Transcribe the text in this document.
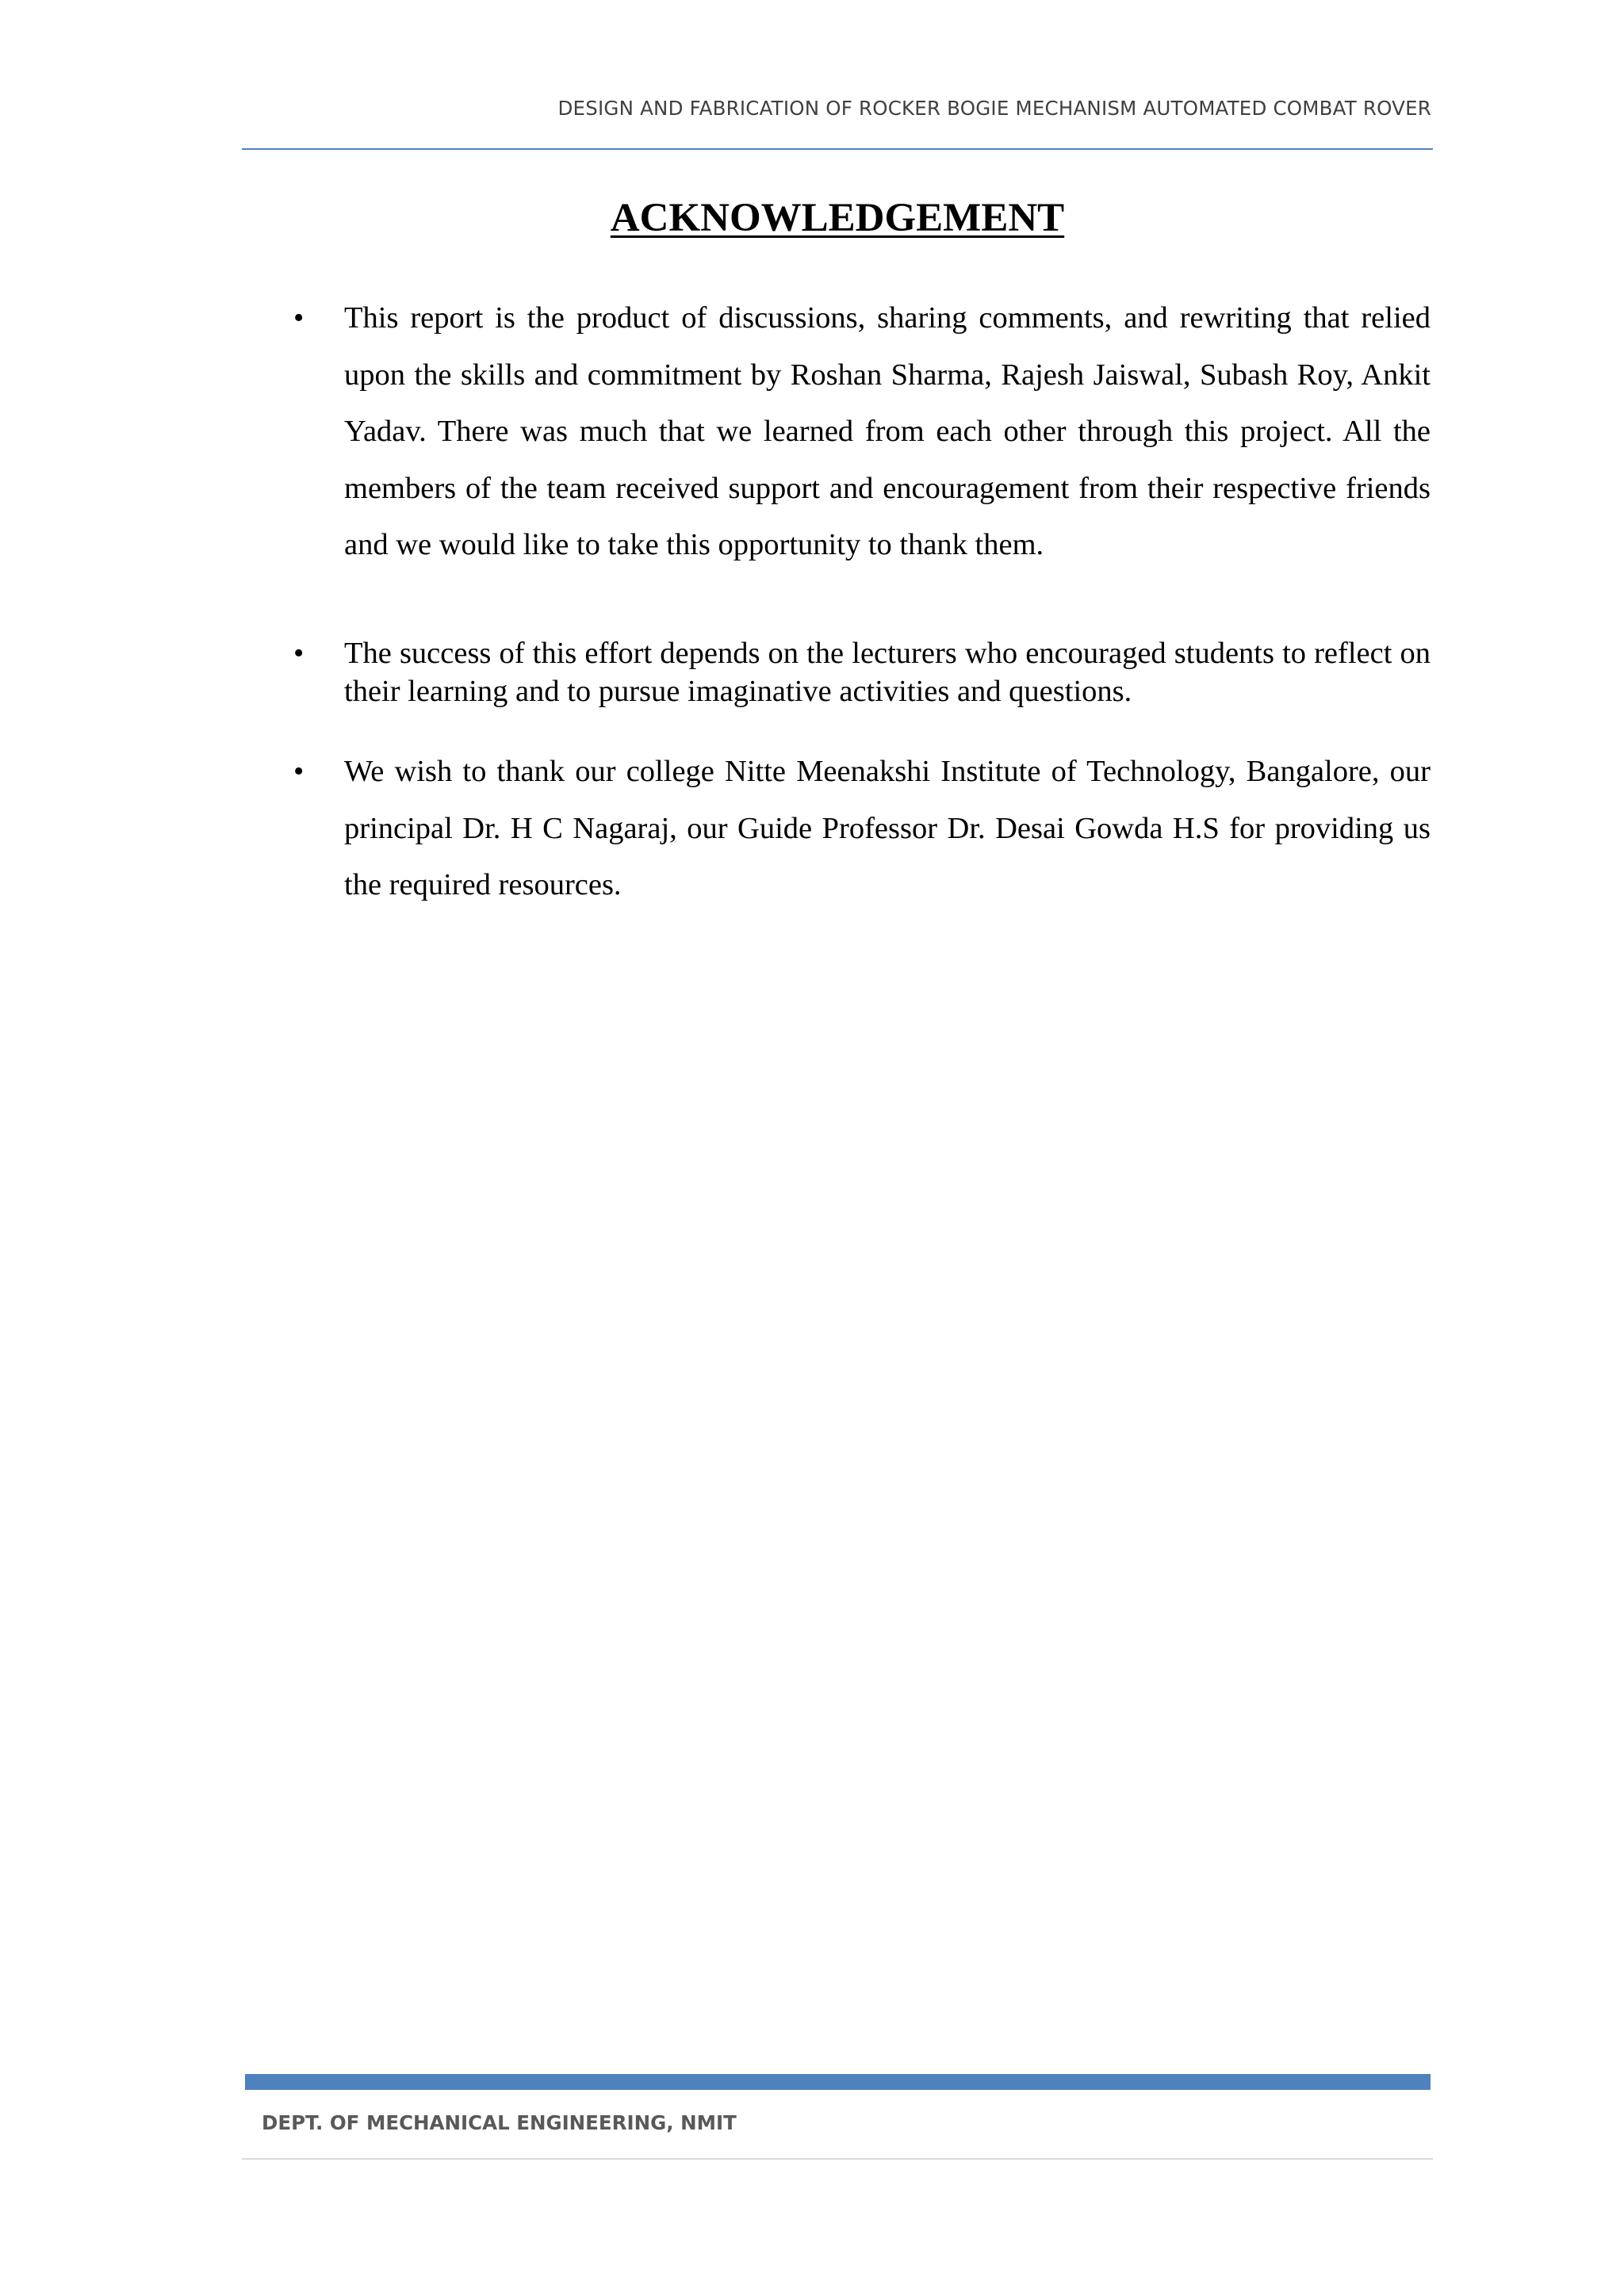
DESIGN AND FABRICATION OF ROCKER BOGIE MECHANISM AUTOMATED COMBAT ROVER
ACKNOWLEDGEMENT
• This report is the product of discussions, sharing comments, and rewriting that relied upon the skills and commitment by Roshan Sharma, Rajesh Jaiswal, Subash Roy, Ankit Yadav. There was much that we learned from each other through this project. All the members of the team received support and encouragement from their respective friends and we would like to take this opportunity to thank them.
• The success of this effort depends on the lecturers who encouraged students to reflect on their learning and to pursue imaginative activities and questions.
• We wish to thank our college Nitte Meenakshi Institute of Technology, Bangalore, our principal Dr. H C Nagaraj, our Guide Professor Dr. Desai Gowda H.S for providing us the required resources.
DEPT. OF MECHANICAL ENGINEERING, NMIT
